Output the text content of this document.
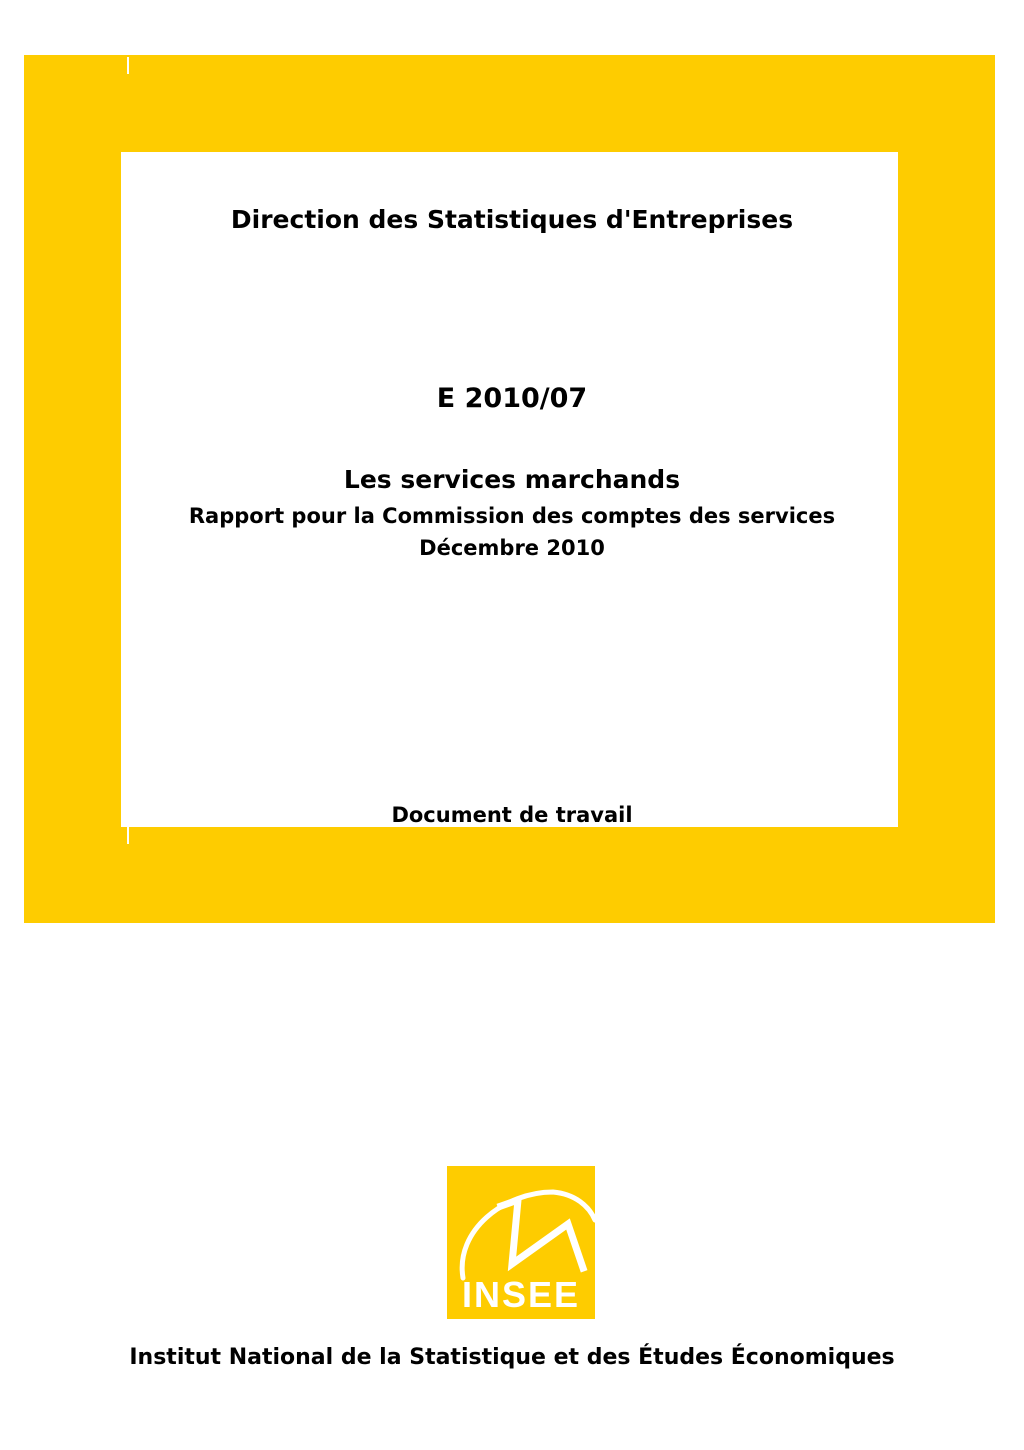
Direction des Statistiques d'Entreprises
E 2010/07
Les services marchands
Rapport pour la Commission des comptes des services
Décembre 2010
Document de travail
INSEE
Institut National de la Statistique et des Études Économiques
